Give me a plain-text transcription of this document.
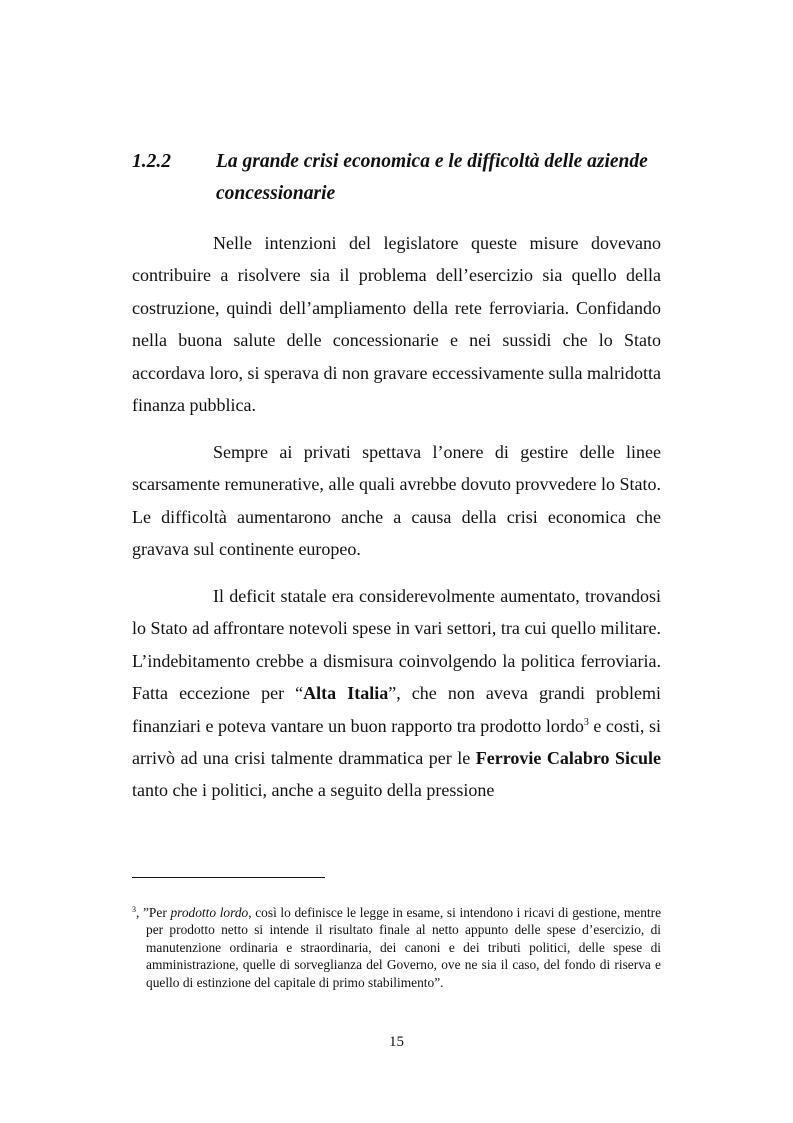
1.2.2 La grande crisi economica e le difficoltà delle aziende concessionarie

Nelle intenzioni del legislatore queste misure dovevano contribuire a risolvere sia il problema dell’esercizio sia quello della costruzione, quindi dell’ampliamento della rete ferroviaria. Confidando nella buona salute delle concessionarie e nei sussidi che lo Stato accordava loro, si sperava di non gravare eccessivamente sulla malridotta finanza pubblica.

Sempre ai privati spettava l’onere di gestire delle linee scarsamente remunerative, alle quali avrebbe dovuto provvedere lo Stato. Le difficoltà aumentarono anche a causa della crisi economica che gravava sul continente europeo.

Il deficit statale era considerevolmente aumentato, trovandosi lo Stato ad affrontare notevoli spese in vari settori, tra cui quello militare. L’indebitamento crebbe a dismisura coinvolgendo la politica ferroviaria. Fatta eccezione per “Alta Italia”, che non aveva grandi problemi finanziari e poteva vantare un buon rapporto tra prodotto lordo$^3$ e costi, si arrivò ad una crisi talmente drammatica per le Ferrovie Calabro Sicule tanto che i politici, anche a seguito della pressione

$^3$, ”Per prodotto lordo, così lo definisce le legge in esame, si intendono i ricavi di gestione, mentre per prodotto netto si intende il risultato finale al netto appunto delle spese d’esercizio, di manutenzione ordinaria e straordinaria, dei canoni e dei tributi politici, delle spese di amministrazione, quelle di sorveglianza del Governo, ove ne sia il caso, del fondo di riserva e quello di estinzione del capitale di primo stabilimento”.
15
